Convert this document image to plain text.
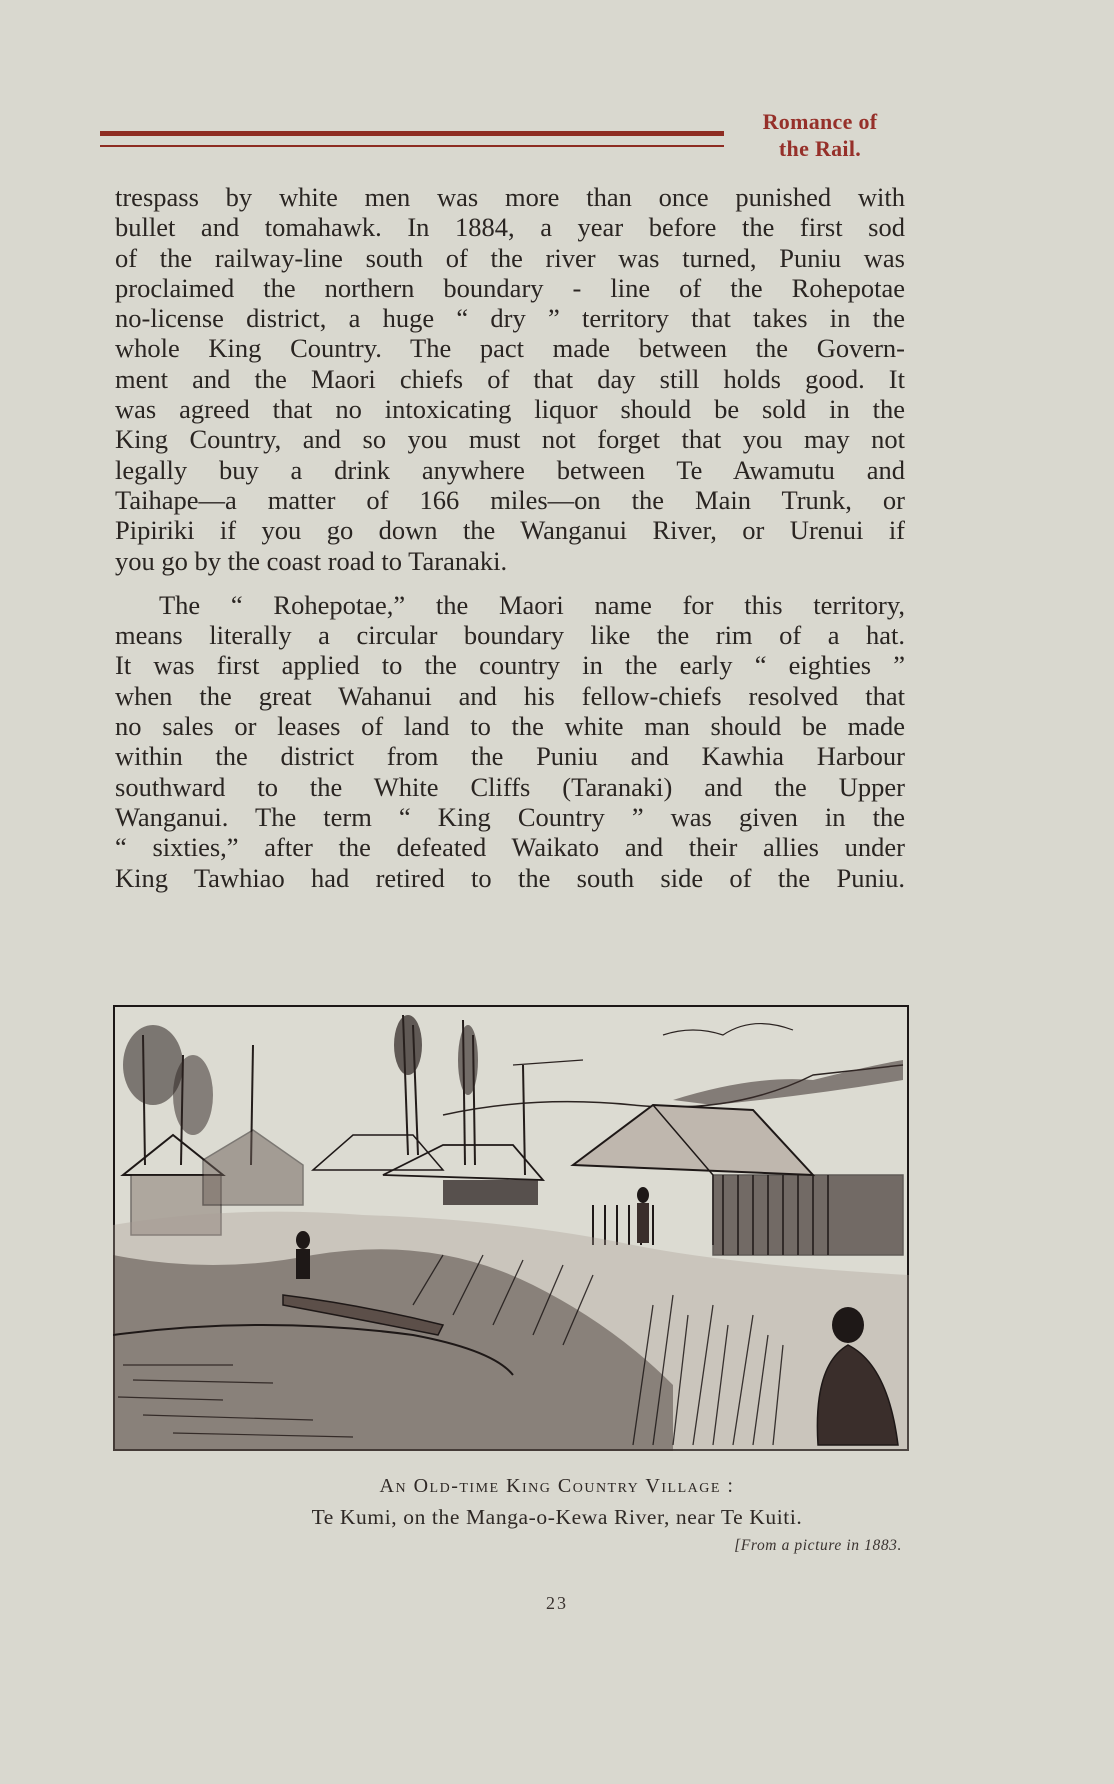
Romance of
the Rail.

trespass by white men was more than once punished with
bullet and tomahawk. In 1884, a year before the first sod
of the railway-line south of the river was turned, Puniu was
proclaimed the northern boundary - line of the Rohepotae
no-license district, a huge “ dry ” territory that takes in the
whole King Country. The pact made between the Govern-
ment and the Maori chiefs of that day still holds good. It
was agreed that no intoxicating liquor should be sold in the
King Country, and so you must not forget that you may not
legally buy a drink anywhere between Te Awamutu and
Taihape—a matter of 166 miles—on the Main Trunk, or
Pipiriki if you go down the Wanganui River, or Urenui if
you go by the coast road to Taranaki.

The “ Rohepotae,” the Maori name for this territory,
means literally a circular boundary like the rim of a hat.
It was first applied to the country in the early “ eighties ”
when the great Wahanui and his fellow-chiefs resolved that
no sales or leases of land to the white man should be made
within the district from the Puniu and Kawhia Harbour
southward to the White Cliffs (Taranaki) and the Upper
Wanganui. The term “ King Country ” was given in the
“ sixties,” after the defeated Waikato and their allies under
King Tawhiao had retired to the south side of the Puniu.

An Old-time King Country Village :
Te Kumi, on the Manga-o-Kewa River, near Te Kuiti.
[From a picture in 1883.
23
